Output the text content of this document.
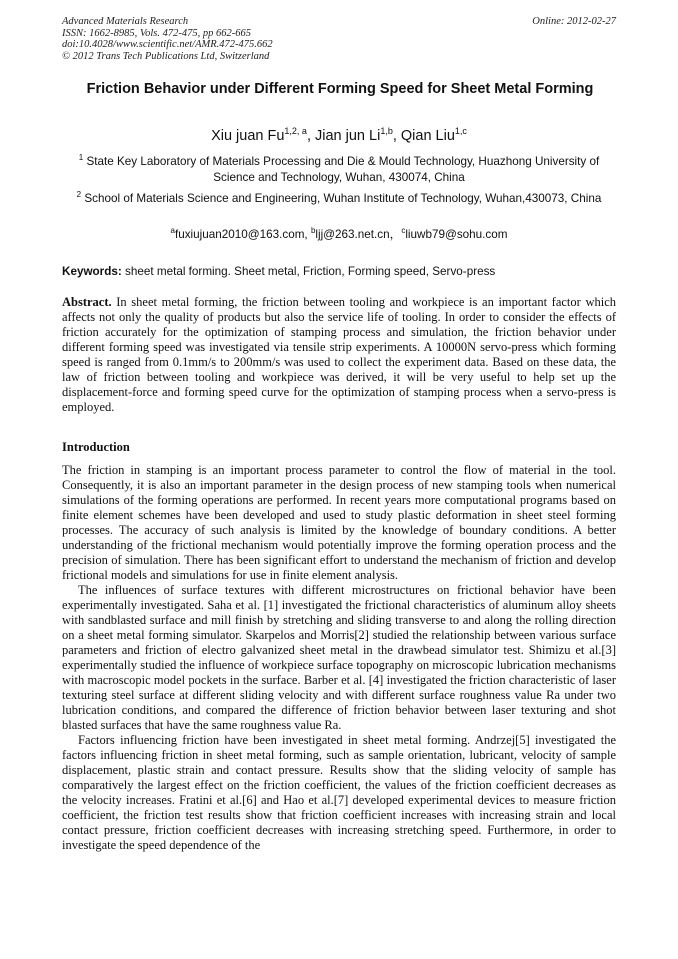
Advanced Materials Research
ISSN: 1662-8985, Vols. 472-475, pp 662-665
doi:10.4028/www.scientific.net/AMR.472-475.662
© 2012 Trans Tech Publications Ltd, Switzerland
Online: 2012-02-27
Friction Behavior under Different Forming Speed for Sheet Metal Forming
Xiu juan Fu$^{1,2, a}$, Jian jun Li$^{1,b}$, Qian Liu$^{1,c}$
$^1$ State Key Laboratory of Materials Processing and Die & Mould Technology, Huazhong University of Science and Technology, Wuhan, 430074, China
$^2$ School of Materials Science and Engineering, Wuhan Institute of Technology, Wuhan,430073, China
$^a$fuxiujuan2010@163.com, $^b$ljj@263.net.cn，$^c$liuwb79@sohu.com
Keywords: sheet metal forming. Sheet metal, Friction, Forming speed, Servo-press
Abstract. In sheet metal forming, the friction between tooling and workpiece is an important factor which affects not only the quality of products but also the service life of tooling. In order to consider the effects of friction accurately for the optimization of stamping process and simulation, the friction behavior under different forming speed was investigated via tensile strip experiments. A 10000N servo-press which forming speed is ranged from 0.1mm/s to 200mm/s was used to collect the experiment data. Based on these data, the law of friction between tooling and workpiece was derived, it will be very useful to help set up the displacement-force and forming speed curve for the optimization of stamping process when a servo-press is employed.
Introduction

The friction in stamping is an important process parameter to control the flow of material in the tool. Consequently, it is also an important parameter in the design process of new stamping tools when numerical simulations of the forming operations are performed. In recent years more computational programs based on finite element schemes have been developed and used to study plastic deformation in sheet steel forming processes. The accuracy of such analysis is limited by the knowledge of boundary conditions. A better understanding of the frictional mechanism would potentially improve the forming operation process and the precision of simulation. There has been significant effort to understand the mechanism of friction and develop frictional models and simulations for use in finite element analysis.

The influences of surface textures with different microstructures on frictional behavior have been experimentally investigated. Saha et al. [1] investigated the frictional characteristics of aluminum alloy sheets with sandblasted surface and mill finish by stretching and sliding transverse to and along the rolling direction on a sheet metal forming simulator. Skarpelos and Morris[2] studied the relationship between various surface parameters and friction of electro galvanized sheet metal in the drawbead simulator test. Shimizu et al.[3] experimentally studied the influence of workpiece surface topography on microscopic lubrication mechanisms with macroscopic model pockets in the surface. Barber et al. [4] investigated the friction characteristic of laser texturing steel surface at different sliding velocity and with different surface roughness value Ra under two lubrication conditions, and compared the difference of friction behavior between laser texturing and shot blasted surfaces that have the same roughness value Ra.

Factors influencing friction have been investigated in sheet metal forming. Andrzej[5] investigated the factors influencing friction in sheet metal forming, such as sample orientation, lubricant, velocity of sample displacement, plastic strain and contact pressure. Results show that the sliding velocity of sample has comparatively the largest effect on the friction coefficient, the values of the friction coefficient decreases as the velocity increases. Fratini et al.[6] and Hao et al.[7] developed experimental devices to measure friction coefficient, the friction test results show that friction coefficient increases with increasing strain and local contact pressure, friction coefficient decreases with increasing stretching speed. Furthermore, in order to investigate the speed dependence of the
